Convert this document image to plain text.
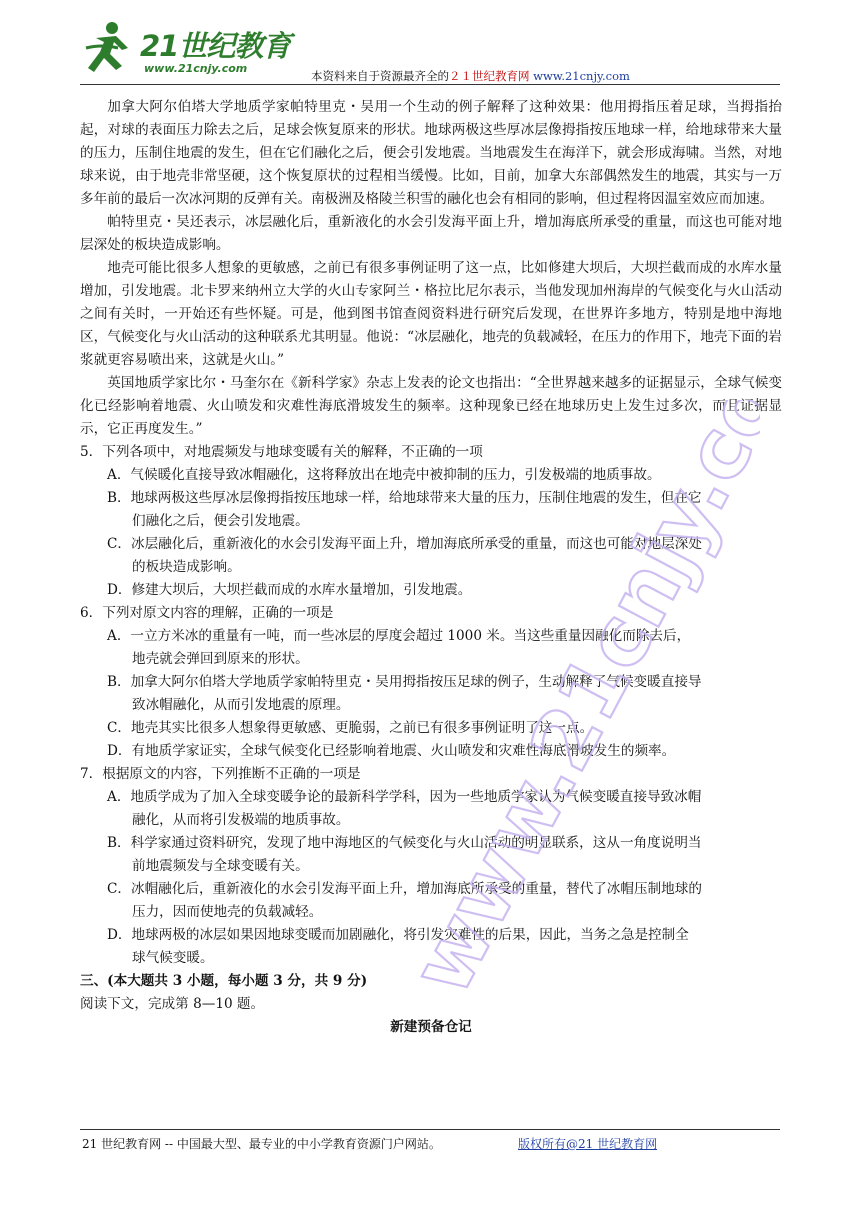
21世纪教育
www.21cnjy.com
本资料来自于资源最齐全的２１世纪教育网 www.21cnjy.com

加拿大阿尔伯塔大学地质学家帕特里克・吴用一个生动的例子解释了这种效果：他用拇指压着足球，当拇指抬起，对球的表面压力除去之后，足球会恢复原来的形状。地球两极这些厚冰层像拇指按压地球一样，给地球带来大量的压力，压制住地震的发生，但在它们融化之后，便会引发地震。当地震发生在海洋下，就会形成海啸。当然，对地球来说，由于地壳非常坚硬，这个恢复原状的过程相当缓慢。比如，目前，加拿大东部偶然发生的地震，其实与一万多年前的最后一次冰河期的反弹有关。南极洲及格陵兰积雪的融化也会有相同的影响，但过程将因温室效应而加速。

帕特里克・吴还表示，冰层融化后，重新液化的水会引发海平面上升，增加海底所承受的重量，而这也可能对地层深处的板块造成影响。

地壳可能比很多人想象的更敏感，之前已有很多事例证明了这一点，比如修建大坝后，大坝拦截而成的水库水量增加，引发地震。北卡罗来纳州立大学的火山专家阿兰・格拉比尼尔表示，当他发现加州海岸的气候变化与火山活动之间有关时，一开始还有些怀疑。可是，他到图书馆查阅资料进行研究后发现，在世界许多地方，特别是地中海地区，气候变化与火山活动的这种联系尤其明显。他说：“冰层融化，地壳的负载减轻，在压力的作用下，地壳下面的岩浆就更容易喷出来，这就是火山。”

英国地质学家比尔・马奎尔在《新科学家》杂志上发表的论文也指出：“全世界越来越多的证据显示，全球气候变化已经影响着地震、火山喷发和灾难性海底滑坡发生的频率。这种现象已经在地球历史上发生过多次，而且证据显示，它正再度发生。”

5．下列各项中，对地震频发与地球变暖有关的解释，不正确的一项

A．气候暖化直接导致冰帽融化，这将释放出在地壳中被抑制的压力，引发极端的地质事故。

B．地球两极这些厚冰层像拇指按压地球一样，给地球带来大量的压力，压制住地震的发生，但在它们融化之后，便会引发地震。

C．冰层融化后，重新液化的水会引发海平面上升，增加海底所承受的重量，而这也可能对地层深处的板块造成影响。

D．修建大坝后，大坝拦截而成的水库水量增加，引发地震。

6．下列对原文内容的理解，正确的一项是

A．一立方米冰的重量有一吨，而一些冰层的厚度会超过 1000 米。当这些重量因融化而除去后，地壳就会弹回到原来的形状。

B．加拿大阿尔伯塔大学地质学家帕特里克・吴用拇指按压足球的例子，生动解释了气候变暖直接导致冰帽融化，从而引发地震的原理。

C．地壳其实比很多人想象得更敏感、更脆弱，之前已有很多事例证明了这一点。

D．有地质学家证实，全球气候变化已经影响着地震、火山喷发和灾难性海底滑坡发生的频率。

7．根据原文的内容，下列推断不正确的一项是

A．地质学成为了加入全球变暖争论的最新科学学科，因为一些地质学家认为气候变暖直接导致冰帽融化，从而将引发极端的地质事故。

B．科学家通过资料研究，发现了地中海地区的气候变化与火山活动的明显联系，这从一角度说明当前地震频发与全球变暖有关。

C．冰帽融化后，重新液化的水会引发海平面上升，增加海底所承受的重量，替代了冰帽压制地球的压力，因而使地壳的负载减轻。

D．地球两极的冰层如果因地球变暖而加剧融化，将引发灾难性的后果，因此，当务之急是控制全球气候变暖。

三、(本大题共 3 小题，每小题 3 分，共 9 分)

阅读下文，完成第 8—10 题。

新建预备仓记

www.21cnjy.com
21 世纪教育网 -- 中国最大型、最专业的中小学教育资源门户网站。	版权所有@21 世纪教育网
